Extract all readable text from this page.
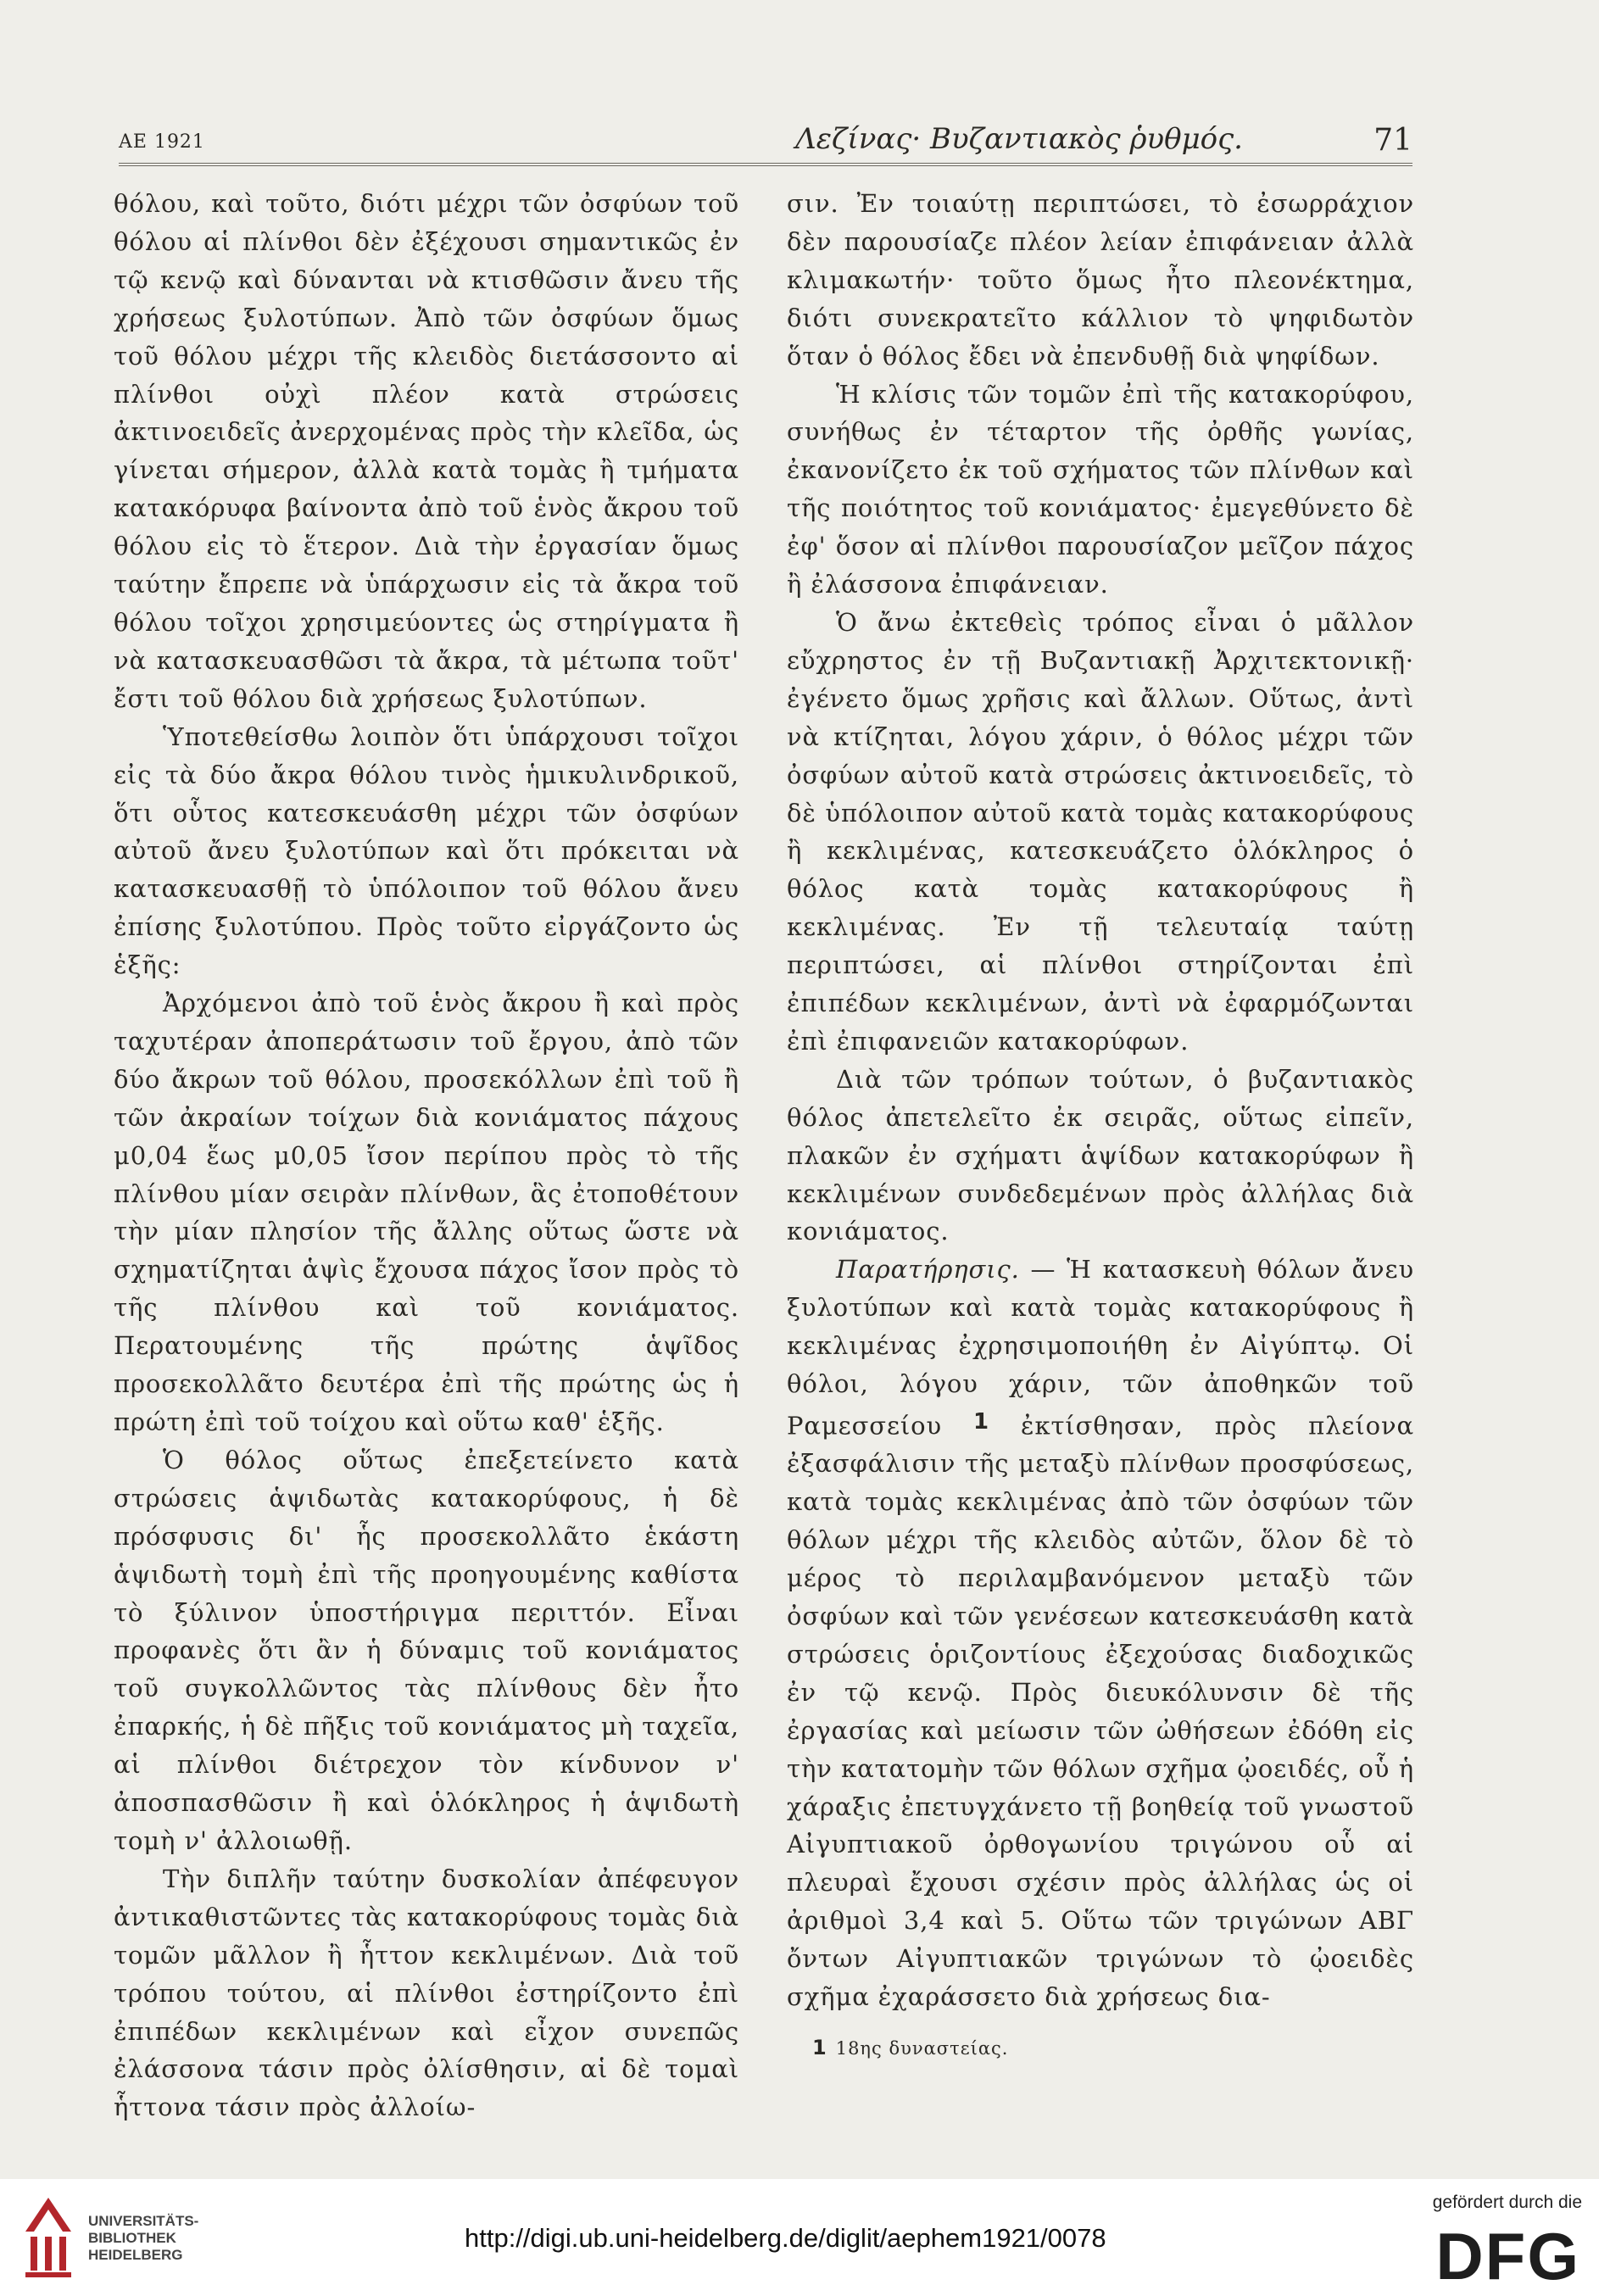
ΑΕ 1921	Λεζίνας· Βυζαντιακὸς ῥυθμός.	71

θόλου, καὶ τοῦτο, διότι μέχρι τῶν ὀσφύων τοῦ θόλου αἱ πλίνθοι δὲν ἐξέχουσι σημαντικῶς ἐν τῷ κενῷ καὶ δύνανται νὰ κτισθῶσιν ἄνευ τῆς χρήσεως ξυλοτύπων. Ἀπὸ τῶν ὀσφύων ὅμως τοῦ θόλου μέχρι τῆς κλειδὸς διετάσσοντο αἱ πλίνθοι οὐχὶ πλέον κατὰ στρώσεις ἀκτινοειδεῖς ἀνερχομένας πρὸς τὴν κλεῖδα, ὡς γίνεται σήμερον, ἀλλὰ κατὰ τομὰς ἢ τμήματα κατακόρυφα βαίνοντα ἀπὸ τοῦ ἑνὸς ἄκρου τοῦ θόλου εἰς τὸ ἕτερον. Διὰ τὴν ἐργασίαν ὅμως ταύτην ἔπρεπε νὰ ὑπάρχωσιν εἰς τὰ ἄκρα τοῦ θόλου τοῖχοι χρησιμεύοντες ὡς στηρίγματα ἢ νὰ κατασκευασθῶσι τὰ ἄκρα, τὰ μέτωπα τοῦτ' ἔστι τοῦ θόλου διὰ χρήσεως ξυλοτύπων.

Ὑποτεθείσθω λοιπὸν ὅτι ὑπάρχουσι τοῖχοι εἰς τὰ δύο ἄκρα θόλου τινὸς ἡμικυλινδρικοῦ, ὅτι οὗτος κατεσκευάσθη μέχρι τῶν ὀσφύων αὐτοῦ ἄνευ ξυλοτύπων καὶ ὅτι πρόκειται νὰ κατασκευασθῇ τὸ ὑπόλοιπον τοῦ θόλου ἄνευ ἐπίσης ξυλοτύπου. Πρὸς τοῦτο εἰργάζοντο ὡς ἑξῆς:

Ἀρχόμενοι ἀπὸ τοῦ ἑνὸς ἄκρου ἢ καὶ πρὸς ταχυτέραν ἀποπεράτωσιν τοῦ ἔργου, ἀπὸ τῶν δύο ἄκρων τοῦ θόλου, προσεκόλλων ἐπὶ τοῦ ἢ τῶν ἀκραίων τοίχων διὰ κονιάματος πάχους μ0,04 ἕως μ0,05 ἴσον περίπου πρὸς τὸ τῆς πλίνθου μίαν σειρὰν πλίνθων, ἃς ἐτοποθέτουν τὴν μίαν πλησίον τῆς ἄλλης οὕτως ὥστε νὰ σχηματίζηται ἁψὶς ἔχουσα πάχος ἴσον πρὸς τὸ τῆς πλίνθου καὶ τοῦ κονιάματος. Περατουμένης τῆς πρώτης ἁψῖδος προσεκολλᾶτο δευτέρα ἐπὶ τῆς πρώτης ὡς ἡ πρώτη ἐπὶ τοῦ τοίχου καὶ οὕτω καθ' ἑξῆς.

Ὁ θόλος οὕτως ἐπεξετείνετο κατὰ στρώσεις ἁψιδωτὰς κατακορύφους, ἡ δὲ πρόσφυσις δι' ἧς προσεκολλᾶτο ἑκάστη ἁψιδωτὴ τομὴ ἐπὶ τῆς προηγουμένης καθίστα τὸ ξύλινον ὑποστήριγμα περιττόν. Εἶναι προφανὲς ὅτι ἂν ἡ δύναμις τοῦ κονιάματος τοῦ συγκολλῶντος τὰς πλίνθους δὲν ἦτο ἐπαρκής, ἡ δὲ πῆξις τοῦ κονιάματος μὴ ταχεῖα, αἱ πλίνθοι διέτρεχον τὸν κίνδυνον ν' ἀποσπασθῶσιν ἢ καὶ ὁλόκληρος ἡ ἁψιδωτὴ τομὴ ν' ἀλλοιωθῇ.

Τὴν διπλῆν ταύτην δυσκολίαν ἀπέφευγον ἀντικαθιστῶντες τὰς κατακορύφους τομὰς διὰ τομῶν μᾶλλον ἢ ἧττον κεκλιμένων. Διὰ τοῦ τρόπου τούτου, αἱ πλίνθοι ἐστηρίζοντο ἐπὶ ἐπιπέδων κεκλιμένων καὶ εἶχον συνεπῶς ἐλάσσονα τάσιν πρὸς ὀλίσθησιν, αἱ δὲ τομαὶ ἧττονα τάσιν πρὸς ἀλλοίω-

σιν. Ἐν τοιαύτῃ περιπτώσει, τὸ ἐσωρράχιον δὲν παρουσίαζε πλέον λείαν ἐπιφάνειαν ἀλλὰ κλιμακωτήν· τοῦτο ὅμως ἦτο πλεονέκτημα, διότι συνεκρατεῖτο κάλλιον τὸ ψηφιδωτὸν ὅταν ὁ θόλος ἔδει νὰ ἐπενδυθῇ διὰ ψηφίδων.

Ἡ κλίσις τῶν τομῶν ἐπὶ τῆς κατακορύφου, συνήθως ἐν τέταρτον τῆς ὀρθῆς γωνίας, ἐκανονίζετο ἐκ τοῦ σχήματος τῶν πλίνθων καὶ τῆς ποιότητος τοῦ κονιάματος· ἐμεγεθύνετο δὲ ἐφ' ὅσον αἱ πλίνθοι παρουσίαζον μεῖζον πάχος ἢ ἐλάσσονα ἐπιφάνειαν.

Ὁ ἄνω ἐκτεθεὶς τρόπος εἶναι ὁ μᾶλλον εὔχρηστος ἐν τῇ Βυζαντιακῇ Ἀρχιτεκτονικῇ· ἐγένετο ὅμως χρῆσις καὶ ἄλλων. Οὕτως, ἀντὶ νὰ κτίζηται, λόγου χάριν, ὁ θόλος μέχρι τῶν ὀσφύων αὐτοῦ κατὰ στρώσεις ἀκτινοειδεῖς, τὸ δὲ ὑπόλοιπον αὐτοῦ κατὰ τομὰς κατακορύφους ἢ κεκλιμένας, κατεσκευάζετο ὁλόκληρος ὁ θόλος κατὰ τομὰς κατακορύφους ἢ κεκλιμένας. Ἐν τῇ τελευταίᾳ ταύτῃ περιπτώσει, αἱ πλίνθοι στηρίζονται ἐπὶ ἐπιπέδων κεκλιμένων, ἀντὶ νὰ ἐφαρμόζωνται ἐπὶ ἐπιφανειῶν κατακορύφων.

Διὰ τῶν τρόπων τούτων, ὁ βυζαντιακὸς θόλος ἀπετελεῖτο ἐκ σειρᾶς, οὕτως εἰπεῖν, πλακῶν ἐν σχήματι ἁψίδων κατακορύφων ἢ κεκλιμένων συνδεδεμένων πρὸς ἀλλήλας διὰ κονιάματος.

Παρατήρησις. — Ἡ κατασκευὴ θόλων ἄνευ ξυλοτύπων καὶ κατὰ τομὰς κατακορύφους ἢ κεκλιμένας ἐχρησιμοποιήθη ἐν Αἰγύπτῳ. Οἱ θόλοι, λόγου χάριν, τῶν ἀποθηκῶν τοῦ Ραμεσσείου 1 ἐκτίσθησαν, πρὸς πλείονα ἐξασφάλισιν τῆς μεταξὺ πλίνθων προσφύσεως, κατὰ τομὰς κεκλιμένας ἀπὸ τῶν ὀσφύων τῶν θόλων μέχρι τῆς κλειδὸς αὐτῶν, ὅλον δὲ τὸ μέρος τὸ περιλαμβανόμενον μεταξὺ τῶν ὀσφύων καὶ τῶν γενέσεων κατεσκευάσθη κατὰ στρώσεις ὁριζοντίους ἐξεχούσας διαδοχικῶς ἐν τῷ κενῷ. Πρὸς διευκόλυνσιν δὲ τῆς ἐργασίας καὶ μείωσιν τῶν ὠθήσεων ἐδόθη εἰς τὴν κατατομὴν τῶν θόλων σχῆμα ᾠοειδές, οὗ ἡ χάραξις ἐπετυγχάνετο τῇ βοηθείᾳ τοῦ γνωστοῦ Αἰγυπτιακοῦ ὀρθογωνίου τριγώνου οὗ αἱ πλευραὶ ἔχουσι σχέσιν πρὸς ἀλλήλας ὡς οἱ ἀριθμοὶ 3,4 καὶ 5. Οὕτω τῶν τριγώνων ΑΒΓ ὄντων Αἰγυπτιακῶν τριγώνων τὸ ᾠοειδὲς σχῆμα ἐχαράσσετο διὰ χρήσεως δια-

1 18ης δυναστείας.
UNIVERSITÄTS-
BIBLIOTHEK
HEIDELBERG
http://digi.ub.uni-heidelberg.de/diglit/aephem1921/0078
gefördert durch die
DFG
